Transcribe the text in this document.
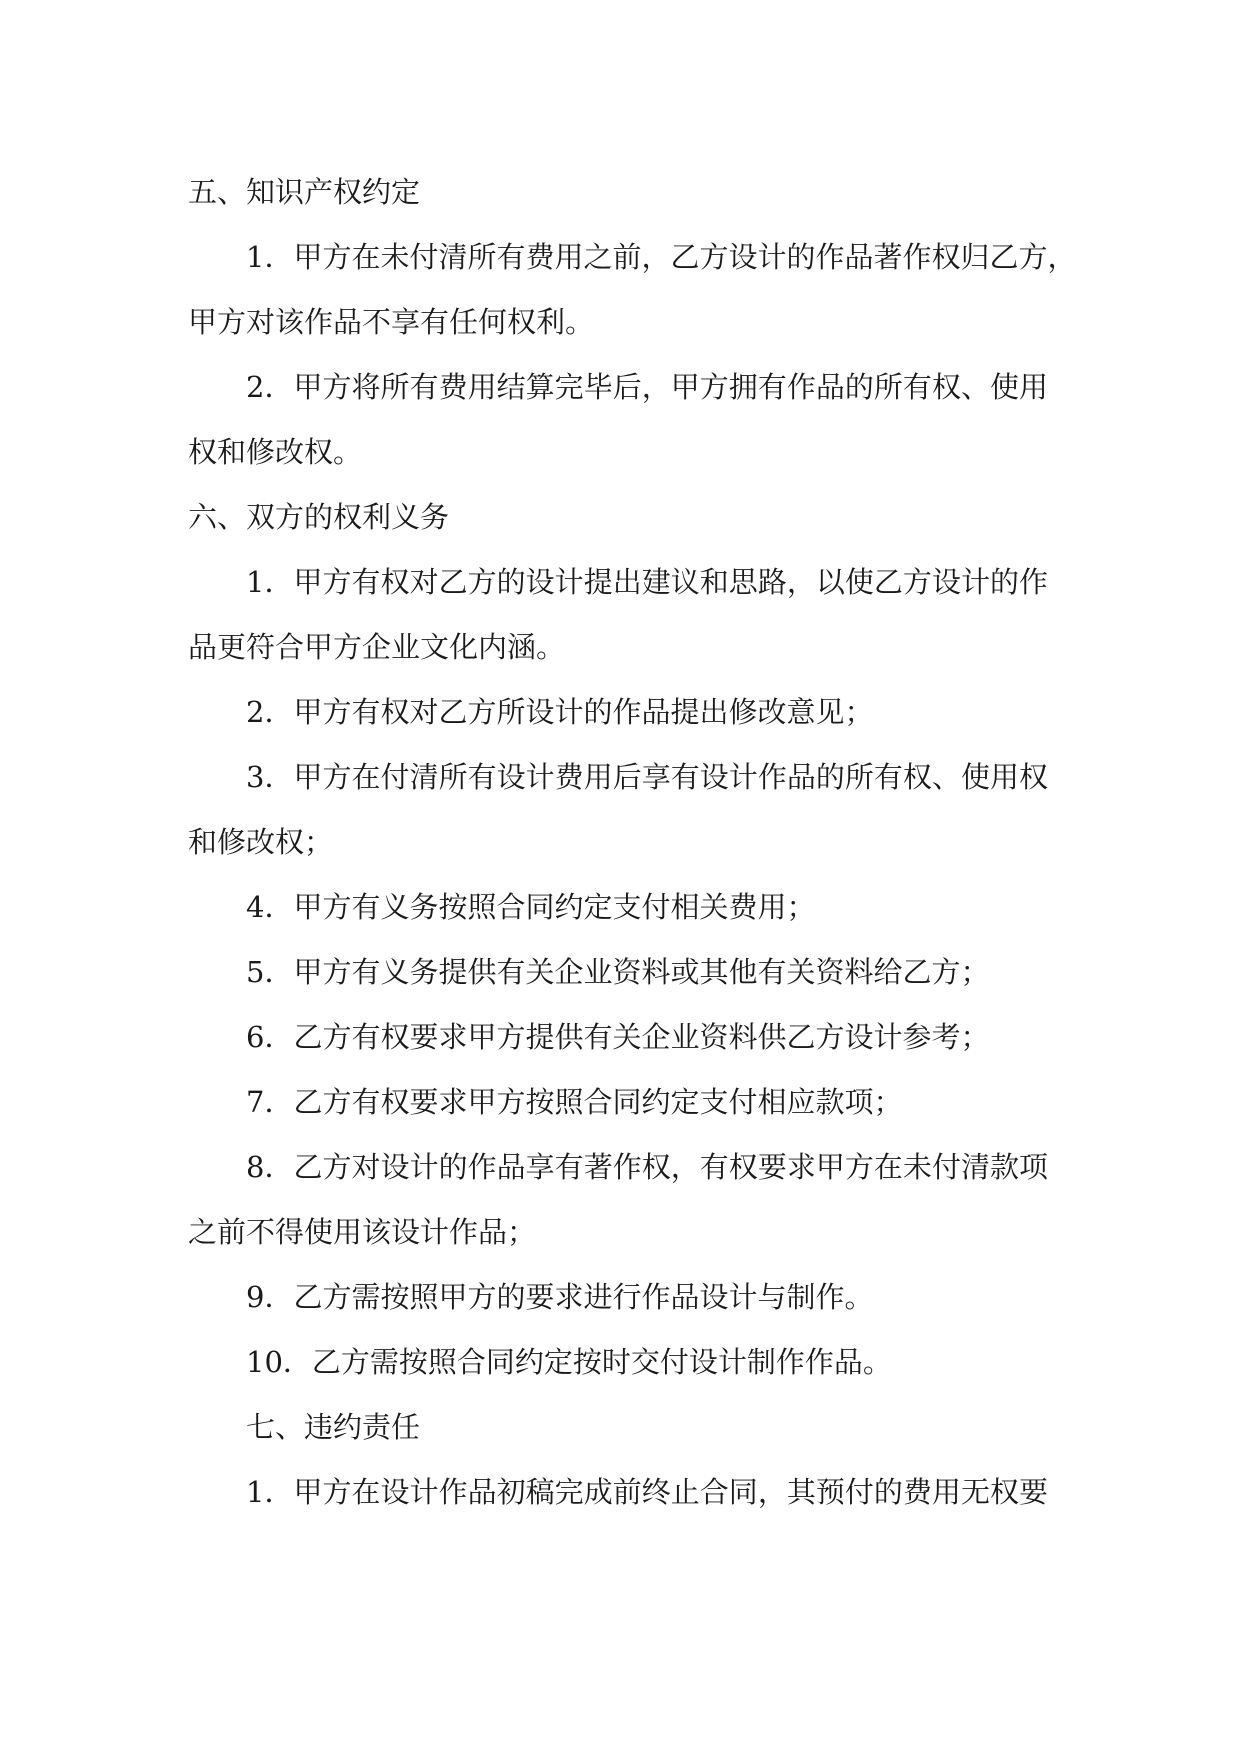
五、知识产权约定
1．甲方在未付清所有费用之前，乙方设计的作品著作权归乙方，
甲方对该作品不享有任何权利。
2．甲方将所有费用结算完毕后，甲方拥有作品的所有权、使用
权和修改权。
六、双方的权利义务
1．甲方有权对乙方的设计提出建议和思路，以使乙方设计的作
品更符合甲方企业文化内涵。
2．甲方有权对乙方所设计的作品提出修改意见；
3．甲方在付清所有设计费用后享有设计作品的所有权、使用权
和修改权；
4．甲方有义务按照合同约定支付相关费用；
5．甲方有义务提供有关企业资料或其他有关资料给乙方；
6．乙方有权要求甲方提供有关企业资料供乙方设计参考；
7．乙方有权要求甲方按照合同约定支付相应款项；
8．乙方对设计的作品享有著作权，有权要求甲方在未付清款项
之前不得使用该设计作品；
9．乙方需按照甲方的要求进行作品设计与制作。
10．乙方需按照合同约定按时交付设计制作作品。
七、违约责任
1．甲方在设计作品初稿完成前终止合同，其预付的费用无权要
